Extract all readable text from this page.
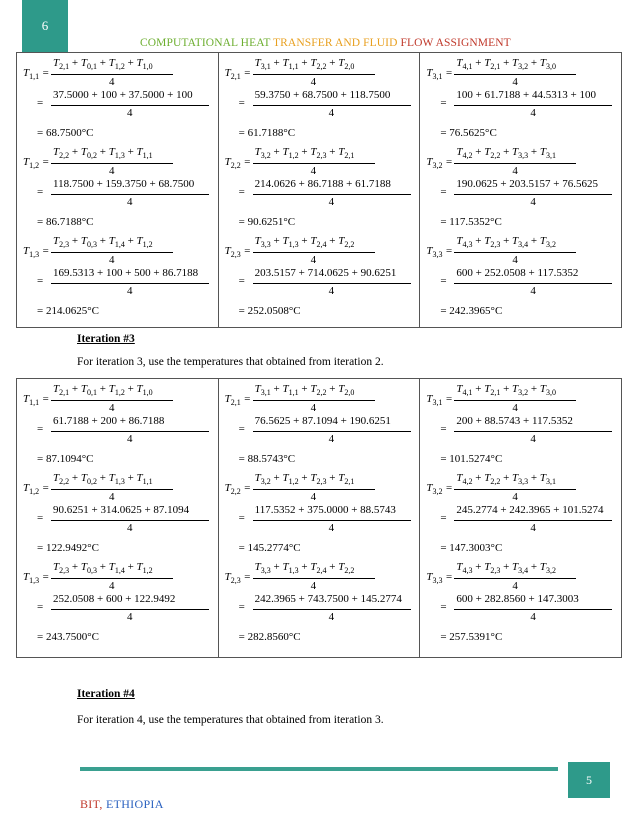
6
COMPUTATIONAL HEAT TRANSFER AND FLUID FLOW ASSIGNMENT
$T_{1,1}$ =
$T_{2,1} + T_{0,1} + T_{1,2} + T_{1,0}$
4
=
37.5000 + 100 + 37.5000 + 100
4
= 68.7500°C
$T_{1,2}$ =
$T_{2,2} + T_{0,2} + T_{1,3} + T_{1,1}$
4
=
118.7500 + 159.3750 + 68.7500
4
= 86.7188°C
$T_{1,3}$ =
$T_{2,3} + T_{0,3} + T_{1,4} + T_{1,2}$
4
=
169.5313 + 100 + 500 + 86.7188
4
= 214.0625°C
$T_{2,1}$ =
$T_{3,1} + T_{1,1} + T_{2,2} + T_{2,0}$
4
=
59.3750 + 68.7500 + 118.7500
4
= 61.7188°C
$T_{2,2}$ =
$T_{3,2} + T_{1,2} + T_{2,3} + T_{2,1}$
4
=
214.0626 + 86.7188 + 61.7188
4
= 90.6251°C
$T_{2,3}$ =
$T_{3,3} + T_{1,3} + T_{2,4} + T_{2,2}$
4
=
203.5157 + 714.0625 + 90.6251
4
= 252.0508°C
$T_{3,1}$ =
$T_{4,1} + T_{2,1} + T_{3,2} + T_{3,0}$
4
=
100 + 61.7188 + 44.5313 + 100
4
= 76.5625°C
$T_{3,2}$ =
$T_{4,2} + T_{2,2} + T_{3,3} + T_{3,1}$
4
=
190.0625 + 203.5157 + 76.5625
4
= 117.5352°C
$T_{3,3}$ =
$T_{4,3} + T_{2,3} + T_{3,4} + T_{3,2}$
4
=
600 + 252.0508 + 117.5352
4
= 242.3965°C
Iteration #3
For iteration 3, use the temperatures that obtained from iteration 2.
$T_{1,1}$ =
$T_{2,1} + T_{0,1} + T_{1,2} + T_{1,0}$
4
=
61.7188 + 200 + 86.7188
4
= 87.1094°C
$T_{1,2}$ =
$T_{2,2} + T_{0,2} + T_{1,3} + T_{1,1}$
4
=
90.6251 + 314.0625 + 87.1094
4
= 122.9492°C
$T_{1,3}$ =
$T_{2,3} + T_{0,3} + T_{1,4} + T_{1,2}$
4
=
252.0508 + 600 + 122.9492
4
= 243.7500°C
$T_{2,1}$ =
$T_{3,1} + T_{1,1} + T_{2,2} + T_{2,0}$
4
=
76.5625 + 87.1094 + 190.6251
4
= 88.5743°C
$T_{2,2}$ =
$T_{3,2} + T_{1,2} + T_{2,3} + T_{2,1}$
4
=
117.5352 + 375.0000 + 88.5743
4
= 145.2774°C
$T_{2,3}$ =
$T_{3,3} + T_{1,3} + T_{2,4} + T_{2,2}$
4
=
242.3965 + 743.7500 + 145.2774
4
= 282.8560°C
$T_{3,1}$ =
$T_{4,1} + T_{2,1} + T_{3,2} + T_{3,0}$
4
=
200 + 88.5743 + 117.5352
4
= 101.5274°C
$T_{3,2}$ =
$T_{4,2} + T_{2,2} + T_{3,3} + T_{3,1}$
4
=
245.2774 + 242.3965 + 101.5274
4
= 147.3003°C
$T_{3,3}$ =
$T_{4,3} + T_{2,3} + T_{3,4} + T_{3,2}$
4
=
600 + 282.8560 + 147.3003
4
= 257.5391°C
Iteration #4
For iteration 4, use the temperatures that obtained from iteration 3.
5
BIT, ETHIOPIA
